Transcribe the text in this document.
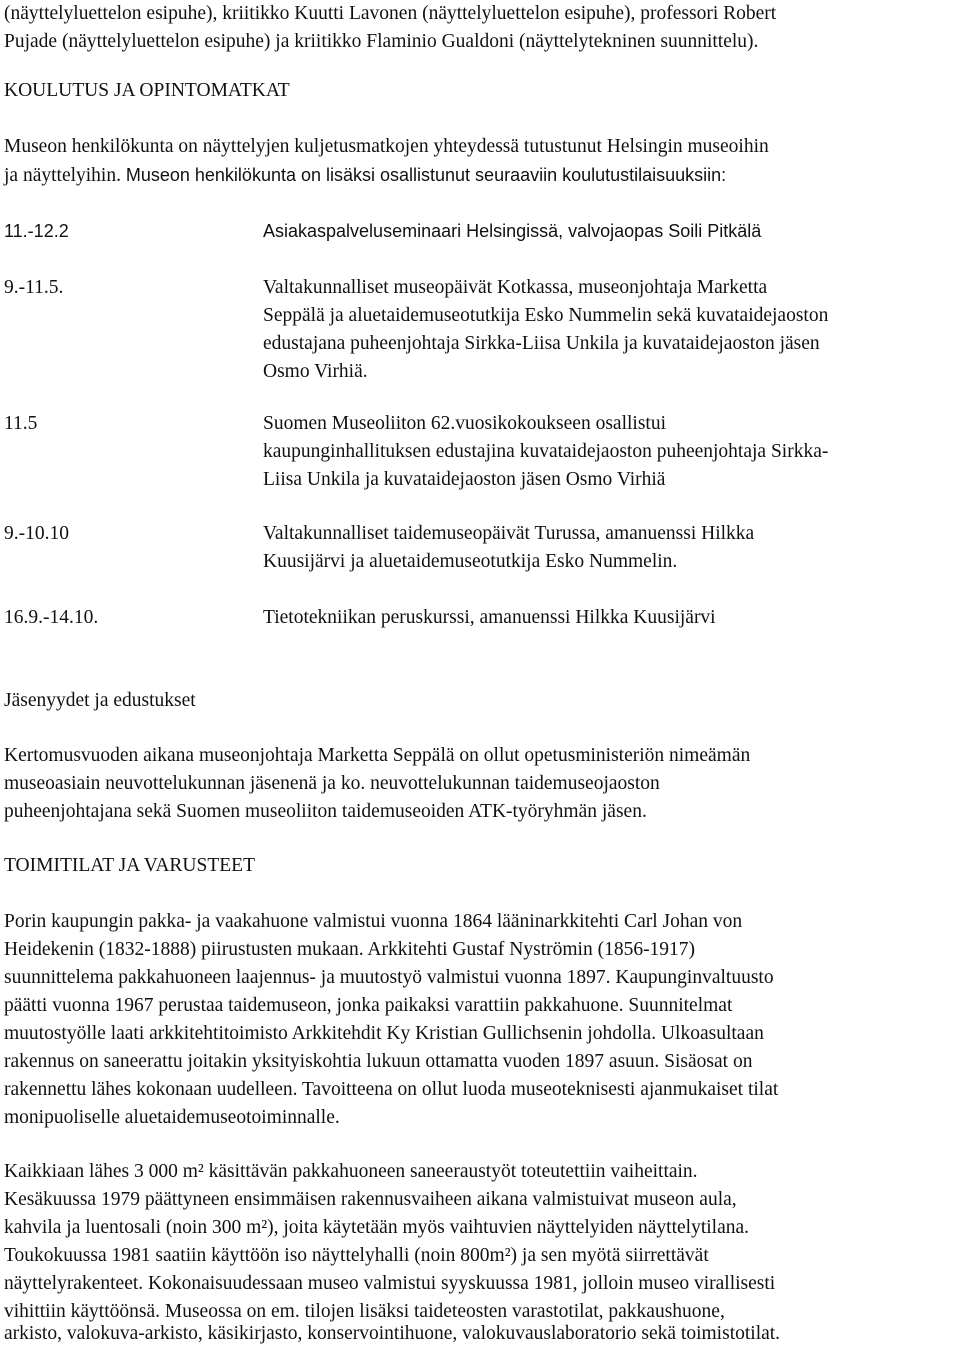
(näyttelyluettelon esipuhe), kriitikko Kuutti Lavonen (näyttelyluettelon esipuhe), professori Robert
Pujade (näyttelyluettelon esipuhe) ja kriitikko Flaminio Gualdoni (näyttelytekninen suunnittelu).
KOULUTUS JA OPINTOMATKAT
Museon henkilökunta on näyttelyjen kuljetusmatkojen yhteydessä tutustunut Helsingin museoihin
ja näyttelyihin. Museon henkilökunta on lisäksi osallistunut seuraaviin koulutustilaisuuksiin:
11.-12.2	Asiakaspalveluseminaari Helsingissä, valvojaopas Soili Pitkälä
9.-11.5.	Valtakunnalliset museopäivät Kotkassa, museonjohtaja Marketta
Seppälä ja aluetaidemuseotutkija Esko Nummelin sekä kuvataidejaoston
edustajana puheenjohtaja Sirkka-Liisa Unkila ja kuvataidejaoston jäsen
Osmo Virhiä.
11.5	Suomen Museoliiton 62.vuosikokoukseen osallistui
kaupunginhallituksen edustajina kuvataidejaoston puheenjohtaja Sirkka-
Liisa Unkila ja kuvataidejaoston jäsen Osmo Virhiä
9.-10.10	Valtakunnalliset taidemuseopäivät Turussa, amanuenssi Hilkka
Kuusijärvi ja aluetaidemuseotutkija Esko Nummelin.
16.9.-14.10.	Tietotekniikan peruskurssi, amanuenssi Hilkka Kuusijärvi
Jäsenyydet ja edustukset
Kertomusvuoden aikana museonjohtaja Marketta Seppälä on ollut opetusministeriön nimeämän
museoasiain neuvottelukunnan jäsenenä ja ko. neuvottelukunnan taidemuseojaoston
puheenjohtajana sekä Suomen museoliiton taidemuseoiden ATK-työryhmän jäsen.
TOIMITILAT JA VARUSTEET
Porin kaupungin pakka- ja vaakahuone valmistui vuonna 1864 lääninarkkitehti Carl Johan von
Heidekenin (1832-1888) piirustusten mukaan. Arkkitehti Gustaf Nyströmin (1856-1917)
suunnittelema pakkahuoneen laajennus- ja muutostyö valmistui vuonna 1897. Kaupunginvaltuusto
päätti vuonna 1967 perustaa taidemuseon, jonka paikaksi varattiin pakkahuone. Suunnitelmat
muutostyölle laati arkkitehtitoimisto Arkkitehdit Ky Kristian Gullichsenin johdolla. Ulkoasultaan
rakennus on saneerattu joitakin yksityiskohtia lukuun ottamatta vuoden 1897 asuun. Sisäosat on
rakennettu lähes kokonaan uudelleen. Tavoitteena on ollut luoda museoteknisesti ajanmukaiset tilat
monipuoliselle aluetaidemuseotoiminnalle.
Kaikkiaan lähes 3 000 m² käsittävän pakkahuoneen saneeraustyöt toteutettiin vaiheittain.
Kesäkuussa 1979 päättyneen ensimmäisen rakennusvaiheen aikana valmistuivat museon aula,
kahvila ja luentosali (noin 300 m²), joita käytetään myös vaihtuvien näyttelyiden näyttelytilana.
Toukokuussa 1981 saatiin käyttöön iso näyttelyhalli (noin 800m²) ja sen myötä siirrettävät
näyttelyrakenteet. Kokonaisuudessaan museo valmistui syyskuussa 1981, jolloin museo virallisesti
vihittiin käyttöönsä. Museossa on em. tilojen lisäksi taideteosten varastotilat, pakkaushuone,
arkisto, valokuva-arkisto, käsikirjasto, konservointihuone, valokuvauslaboratorio sekä toimistotilat.
